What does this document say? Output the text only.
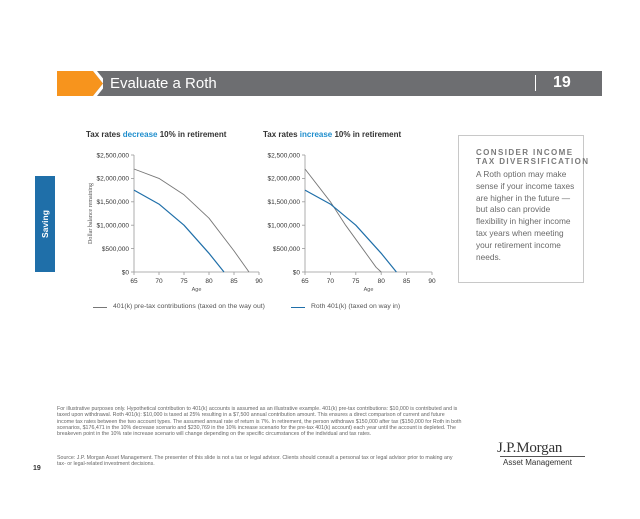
Evaluate a Roth	19
Saving
Tax rates decrease 10% in retirement	Tax rates increase 10% in retirement
$0
$500,000
$1,000,000
$1,500,000
$2,000,000
$2,500,000
65	70	75	80	85	90
Age
Dollar balance remaining
$0
$500,000
$1,000,000
$1,500,000
$2,000,000
$2,500,000
65	70	75	80	85	90
Age
CONSIDER INCOME
TAX DIVERSIFICATION
A Roth option may make sense if your income taxes are higher in the future — but also can provide flexibility in higher income tax years when meeting your retirement income needs.
401(k) pre-tax contributions (taxed on the way out)	Roth 401(k) (taxed on way in)
For illustrative purposes only. Hypothetical contribution to 401(k) accounts is assumed as an illustrative example. 401(k) pre-tax contributions: $10,000 is contributed and is taxed upon withdrawal. Roth 401(k): $10,000 is taxed at 25% resulting in a $7,500 annual contribution amount. This ensures a direct comparison of current and future income tax rates between the two account types. The assumed annual rate of return is 7%. In retirement, the person withdraws $150,000 after tax ($150,000 for Roth in both scenarios, $176,471 in the 10% decrease scenario and $230,769 in the 10% increase scenario for the pre-tax 401(k) account) each year until the account is depleted. The breakeven point in the 10% rate increase scenario will change depending on the specific circumstances of the individual and tax rates.
Source: J.P. Morgan Asset Management. The presenter of this slide is not a tax or legal advisor. Clients should consult a personal tax or legal advisor prior to making any tax- or legal-related investment decisions.
19
J.P.Morgan
Asset Management
